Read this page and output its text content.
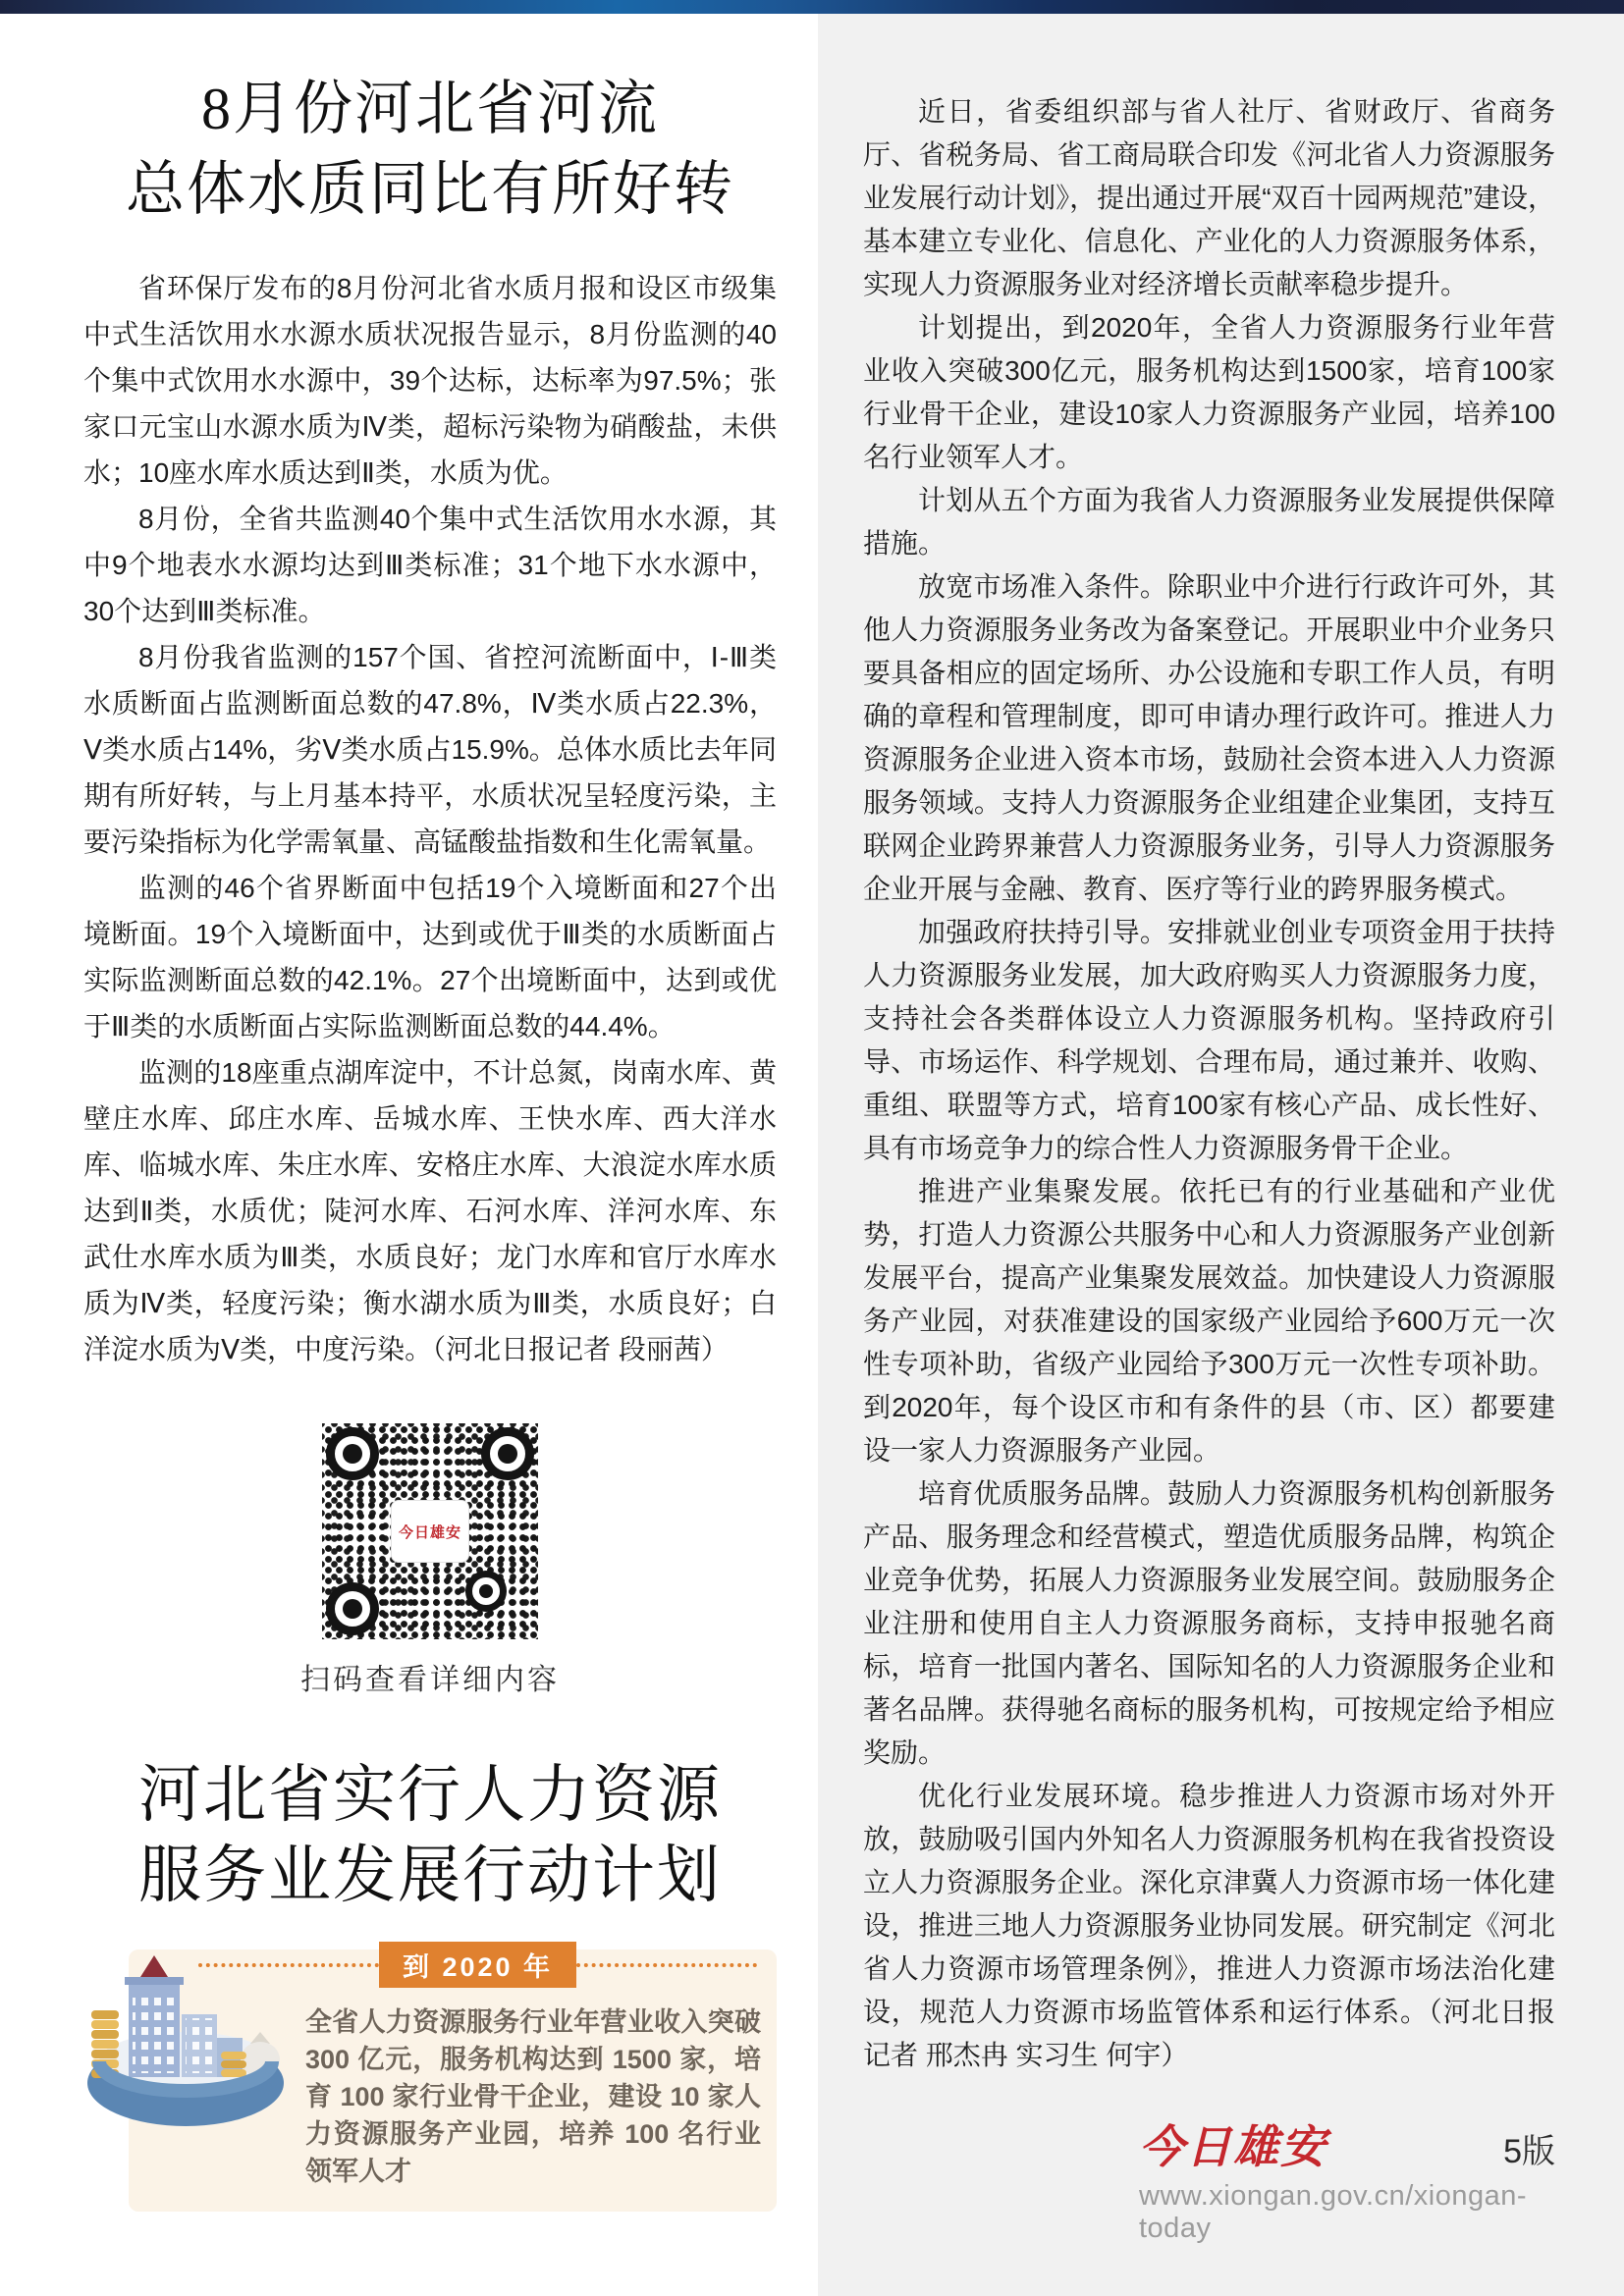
8月份河北省河流
总体水质同比有所好转

省环保厅发布的8月份河北省水质月报和设区市级集中式生活饮用水水源水质状况报告显示，8月份监测的40个集中式饮用水水源中，39个达标，达标率为97.5%；张家口元宝山水源水质为Ⅳ类，超标污染物为硝酸盐，未供水；10座水库水质达到Ⅱ类，水质为优。

8月份，全省共监测40个集中式生活饮用水水源，其中9个地表水水源均达到Ⅲ类标准；31个地下水水源中，30个达到Ⅲ类标准。

8月份我省监测的157个国、省控河流断面中，Ⅰ-Ⅲ类水质断面占监测断面总数的47.8%，Ⅳ类水质占22.3%，Ⅴ类水质占14%，劣Ⅴ类水质占15.9%。总体水质比去年同期有所好转，与上月基本持平，水质状况呈轻度污染，主要污染指标为化学需氧量、高锰酸盐指数和生化需氧量。

监测的46个省界断面中包括19个入境断面和27个出境断面。19个入境断面中，达到或优于Ⅲ类的水质断面占实际监测断面总数的42.1%。27个出境断面中，达到或优于Ⅲ类的水质断面占实际监测断面总数的44.4%。

监测的18座重点湖库淀中，不计总氮，岗南水库、黄壁庄水库、邱庄水库、岳城水库、王快水库、西大洋水库、临城水库、朱庄水库、安格庄水库、大浪淀水库水质达到Ⅱ类，水质优；陡河水库、石河水库、洋河水库、东武仕水库水质为Ⅲ类，水质良好；龙门水库和官厅水库水质为Ⅳ类，轻度污染；衡水湖水质为Ⅲ类，水质良好；白洋淀水质为Ⅴ类，中度污染。（河北日报记者 段丽茜）

今日雄安
扫码查看详细内容
河北省实行人力资源
服务业发展行动计划
到 2020 年

全省人力资源服务行业年营业收入突破 300 亿元，服务机构达到 1500 家，培育 100 家行业骨干企业，建设 10 家人力资源服务产业园，培养 100 名行业领军人才

近日，省委组织部与省人社厅、省财政厅、省商务厅、省税务局、省工商局联合印发《河北省人力资源服务业发展行动计划》，提出通过开展“双百十园两规范”建设，基本建立专业化、信息化、产业化的人力资源服务体系，实现人力资源服务业对经济增长贡献率稳步提升。

计划提出，到2020年，全省人力资源服务行业年营业收入突破300亿元，服务机构达到1500家，培育100家行业骨干企业，建设10家人力资源服务产业园，培养100名行业领军人才。

计划从五个方面为我省人力资源服务业发展提供保障措施。

放宽市场准入条件。除职业中介进行行政许可外，其他人力资源服务业务改为备案登记。开展职业中介业务只要具备相应的固定场所、办公设施和专职工作人员，有明确的章程和管理制度，即可申请办理行政许可。推进人力资源服务企业进入资本市场，鼓励社会资本进入人力资源服务领域。支持人力资源服务企业组建企业集团，支持互联网企业跨界兼营人力资源服务业务，引导人力资源服务企业开展与金融、教育、医疗等行业的跨界服务模式。

加强政府扶持引导。安排就业创业专项资金用于扶持人力资源服务业发展，加大政府购买人力资源服务力度，支持社会各类群体设立人力资源服务机构。坚持政府引导、市场运作、科学规划、合理布局，通过兼并、收购、重组、联盟等方式，培育100家有核心产品、成长性好、具有市场竞争力的综合性人力资源服务骨干企业。

推进产业集聚发展。依托已有的行业基础和产业优势，打造人力资源公共服务中心和人力资源服务产业创新发展平台，提高产业集聚发展效益。加快建设人力资源服务产业园，对获准建设的国家级产业园给予600万元一次性专项补助，省级产业园给予300万元一次性专项补助。到2020年，每个设区市和有条件的县（市、区）都要建设一家人力资源服务产业园。

培育优质服务品牌。鼓励人力资源服务机构创新服务产品、服务理念和经营模式，塑造优质服务品牌，构筑企业竞争优势，拓展人力资源服务业发展空间。鼓励服务企业注册和使用自主人力资源服务商标，支持申报驰名商标，培育一批国内著名、国际知名的人力资源服务企业和著名品牌。获得驰名商标的服务机构，可按规定给予相应奖励。

优化行业发展环境。稳步推进人力资源市场对外开放，鼓励吸引国内外知名人力资源服务机构在我省投资设立人力资源服务企业。深化京津冀人力资源市场一体化建设，推进三地人力资源服务业协同发展。研究制定《河北省人力资源市场管理条例》，推进人力资源市场法治化建设，规范人力资源市场监管体系和运行体系。（河北日报记者 邢杰冉 实习生 何宇）

今日雄安	5版
www.xiongan.gov.cn/xiongan-today
